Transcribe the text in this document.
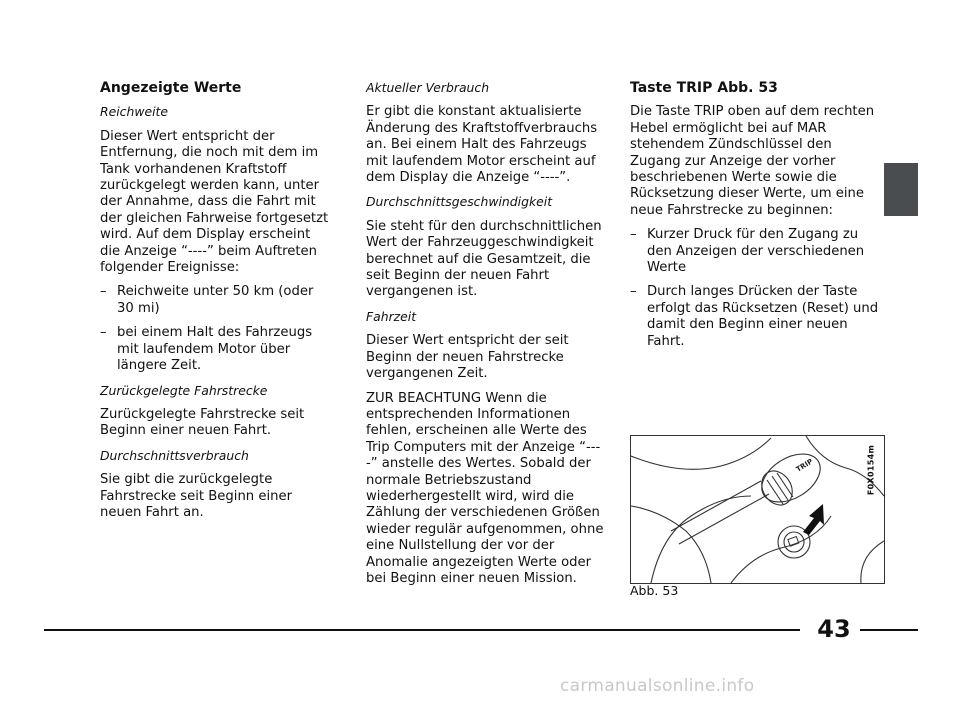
Angezeigte Werte

Reichweite

Dieser Wert entspricht der Entfernung, die noch mit dem im Tank vorhandenen Kraftstoff zurückgelegt werden kann, unter der Annahme, dass die Fahrt mit der gleichen Fahrweise fortgesetzt wird. Auf dem Display erscheint die Anzeige “----” beim Auftreten folgender Ereignisse:

– Reichweite unter 50 km (oder 30 mi)
– bei einem Halt des Fahrzeugs mit laufendem Motor über längere Zeit.

Zurückgelegte Fahrstrecke

Zurückgelegte Fahrstrecke seit Beginn einer neuen Fahrt.

Durchschnittsverbrauch

Sie gibt die zurückgelegte Fahrstrecke seit Beginn einer neuen Fahrt an.

Aktueller Verbrauch

Er gibt die konstant aktualisierte Änderung des Kraftstoffverbrauchs an. Bei einem Halt des Fahrzeugs mit laufendem Motor erscheint auf dem Display die Anzeige “----”.

Durchschnittsgeschwindigkeit

Sie steht für den durchschnittlichen Wert der Fahrzeuggeschwindigkeit berechnet auf die Gesamtzeit, die seit Beginn der neuen Fahrt vergangenen ist.

Fahrzeit

Dieser Wert entspricht der seit Beginn der neuen Fahrstrecke vergangenen Zeit.

ZUR BEACHTUNG Wenn die entsprechenden Informationen fehlen, erscheinen alle Werte des Trip Computers mit der Anzeige “----” anstelle des Wertes. Sobald der normale Betriebszustand wiederhergestellt wird, wird die Zählung der verschiedenen Größen wieder regulär aufgenommen, ohne eine Nullstellung der vor der Anomalie angezeigten Werte oder bei Beginn einer neuen Mission.

Taste TRIP Abb. 53

Die Taste TRIP oben auf dem rechten Hebel ermöglicht bei auf MAR stehendem Zündschlüssel den Zugang zur Anzeige der vorher beschriebenen Werte sowie die Rücksetzung dieser Werte, um eine neue Fahrstrecke zu beginnen:

– Kurzer Druck für den Zugang zu den Anzeigen der verschiedenen Werte
– Durch langes Drücken der Taste erfolgt das Rücksetzen (Reset) und damit den Beginn einer neuen Fahrt.
TRIP	F0X0154m
Abb. 53
43
carmanualsonline.info
